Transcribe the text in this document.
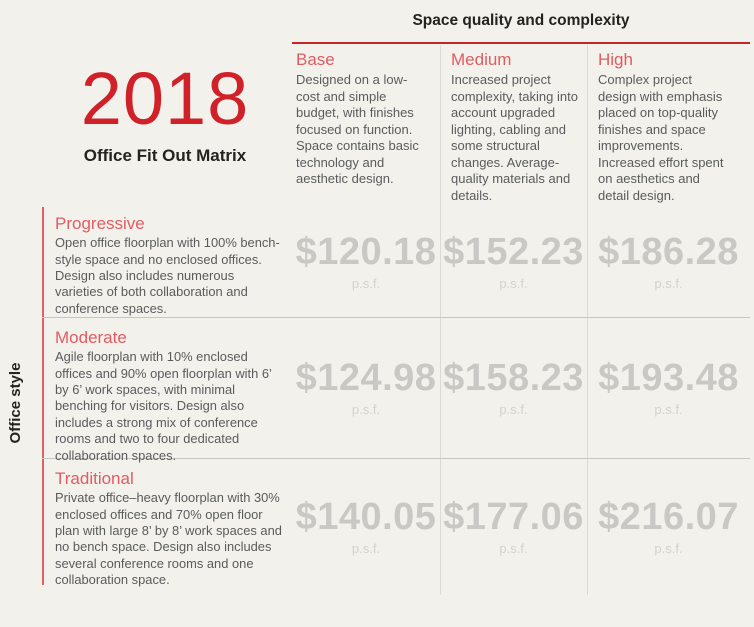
2018
Office Fit Out Matrix
Space quality and complexity
Office style
Base
Designed on a low-cost and simple budget, with finishes focused on function. Space contains basic technology and aesthetic design.
Medium
Increased project complexity, taking into account upgraded lighting, cabling and some structural changes. Average-quality materials and details.
High
Complex project design with emphasis placed on top-quality finishes and space improvements. Increased effort spent on aesthetics and detail design.
Progressive
Open office floorplan with 100% bench-style space and no enclosed offices. Design also includes numerous varieties of both collaboration and conference spaces.
$120.18
p.s.f.
$152.23
p.s.f.
$186.28
p.s.f.
Moderate
Agile floorplan with 10% enclosed offices and 90% open floorplan with 6’ by 6’ work spaces, with minimal benching for visitors. Design also includes a strong mix of conference rooms and two to four dedicated collaboration spaces.
$124.98
p.s.f.
$158.23
p.s.f.
$193.48
p.s.f.
Traditional
Private office–heavy floorplan with 30% enclosed offices and 70% open floor plan with large 8’ by 8’ work spaces and no bench space. Design also includes several conference rooms and one collaboration space.
$140.05
p.s.f.
$177.06
p.s.f.
$216.07
p.s.f.
